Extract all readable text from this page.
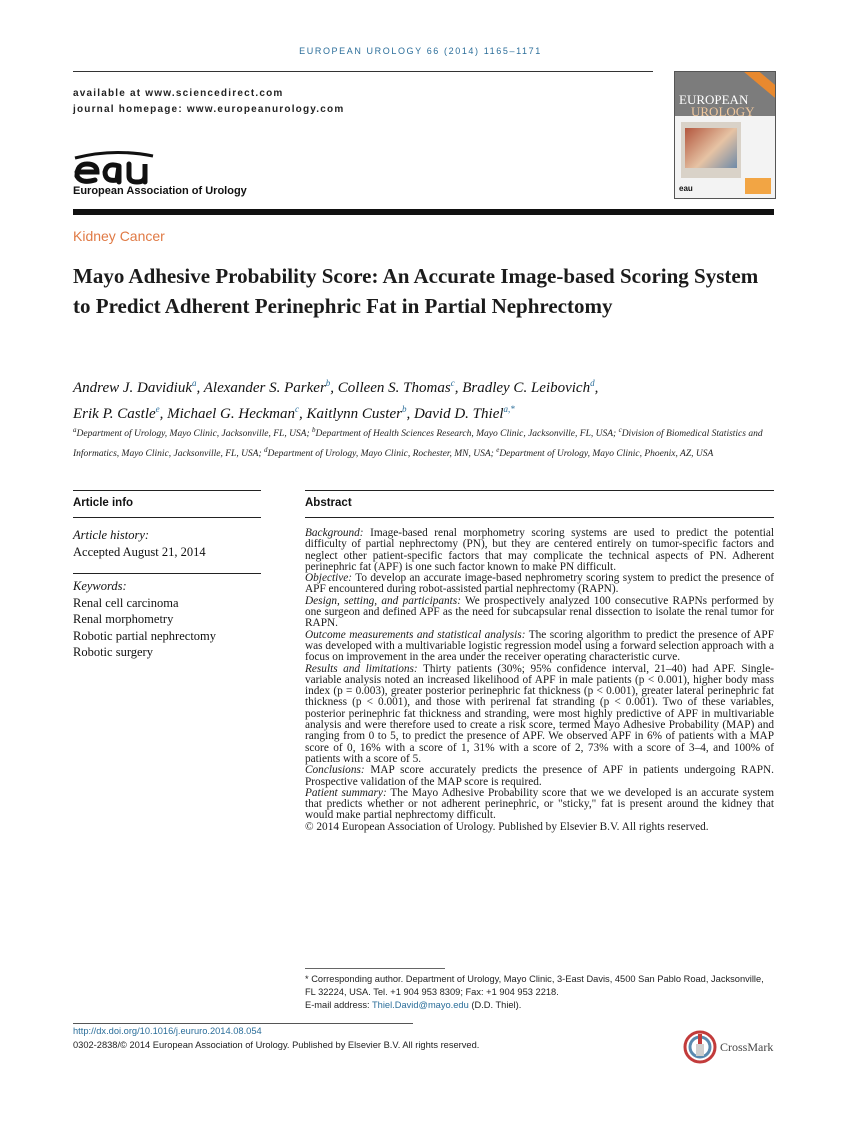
EUROPEAN UROLOGY 66 (2014) 1165–1171
available at www.sciencedirect.com
journal homepage: www.europeanurology.com
European Association of Urology
EUROPEAN
UROLOGY
eau
Kidney Cancer
Mayo Adhesive Probability Score: An Accurate Image-based Scoring System to Predict Adherent Perinephric Fat in Partial Nephrectomy
Andrew J. Davidiuk$^a$, Alexander S. Parker$^b$, Colleen S. Thomas$^c$, Bradley C. Leibovich$^d$,
Erik P. Castle$^e$, Michael G. Heckman$^c$, Kaitlynn Custer$^b$, David D. Thiel$^{a,*}$
$^a$Department of Urology, Mayo Clinic, Jacksonville, FL, USA; $^b$Department of Health Sciences Research, Mayo Clinic, Jacksonville, FL, USA; $^c$Division of Biomedical Statistics and Informatics, Mayo Clinic, Jacksonville, FL, USA; $^d$Department of Urology, Mayo Clinic, Rochester, MN, USA; $^e$Department of Urology, Mayo Clinic, Phoenix, AZ, USA
Article info
Article history:
Accepted August 21, 2014
Keywords:
Renal cell carcinoma
Renal morphometry
Robotic partial nephrectomy
Robotic surgery
Abstract

Background: Image-based renal morphometry scoring systems are used to predict the potential difficulty of partial nephrectomy (PN), but they are centered entirely on tumor-specific factors and neglect other patient-specific factors that may complicate the technical aspects of PN. Adherent perinephric fat (APF) is one such factor known to make PN difficult.

Objective: To develop an accurate image-based nephrometry scoring system to predict the presence of APF encountered during robot-assisted partial nephrectomy (RAPN).

Design, setting, and participants: We prospectively analyzed 100 consecutive RAPNs performed by one surgeon and defined APF as the need for subcapsular renal dissection to isolate the renal tumor for RAPN.

Outcome measurements and statistical analysis: The scoring algorithm to predict the presence of APF was developed with a multivariable logistic regression model using a forward selection approach with a focus on improvement in the area under the receiver operating characteristic curve.

Results and limitations: Thirty patients (30%; 95% confidence interval, 21–40) had APF. Single-variable analysis noted an increased likelihood of APF in male patients (p < 0.001), higher body mass index (p = 0.003), greater posterior perinephric fat thickness (p < 0.001), greater lateral perinephric fat thickness (p < 0.001), and those with perirenal fat stranding (p < 0.001). Two of these variables, posterior perinephric fat thickness and stranding, were most highly predictive of APF in multivariable analysis and were therefore used to create a risk score, termed Mayo Adhesive Probability (MAP) and ranging from 0 to 5, to predict the presence of APF. We observed APF in 6% of patients with a MAP score of 0, 16% with a score of 1, 31% with a score of 2, 73% with a score of 3–4, and 100% of patients with a score of 5.

Conclusions: MAP score accurately predicts the presence of APF in patients undergoing RAPN. Prospective validation of the MAP score is required.

Patient summary: The Mayo Adhesive Probability score that we we developed is an accurate system that predicts whether or not adherent perinephric, or "sticky," fat is present around the kidney that would make partial nephrectomy difficult.

© 2014 European Association of Urology. Published by Elsevier B.V. All rights reserved.

* Corresponding author. Department of Urology, Mayo Clinic, 3-East Davis, 4500 San Pablo Road, Jacksonville, FL 32224, USA. Tel. +1 904 953 8309; Fax: +1 904 953 2218.
E-mail address: Thiel.David@mayo.edu (D.D. Thiel).
http://dx.doi.org/10.1016/j.eururo.2014.08.054
0302-2838/© 2014 European Association of Urology. Published by Elsevier B.V. All rights reserved.	CrossMark
